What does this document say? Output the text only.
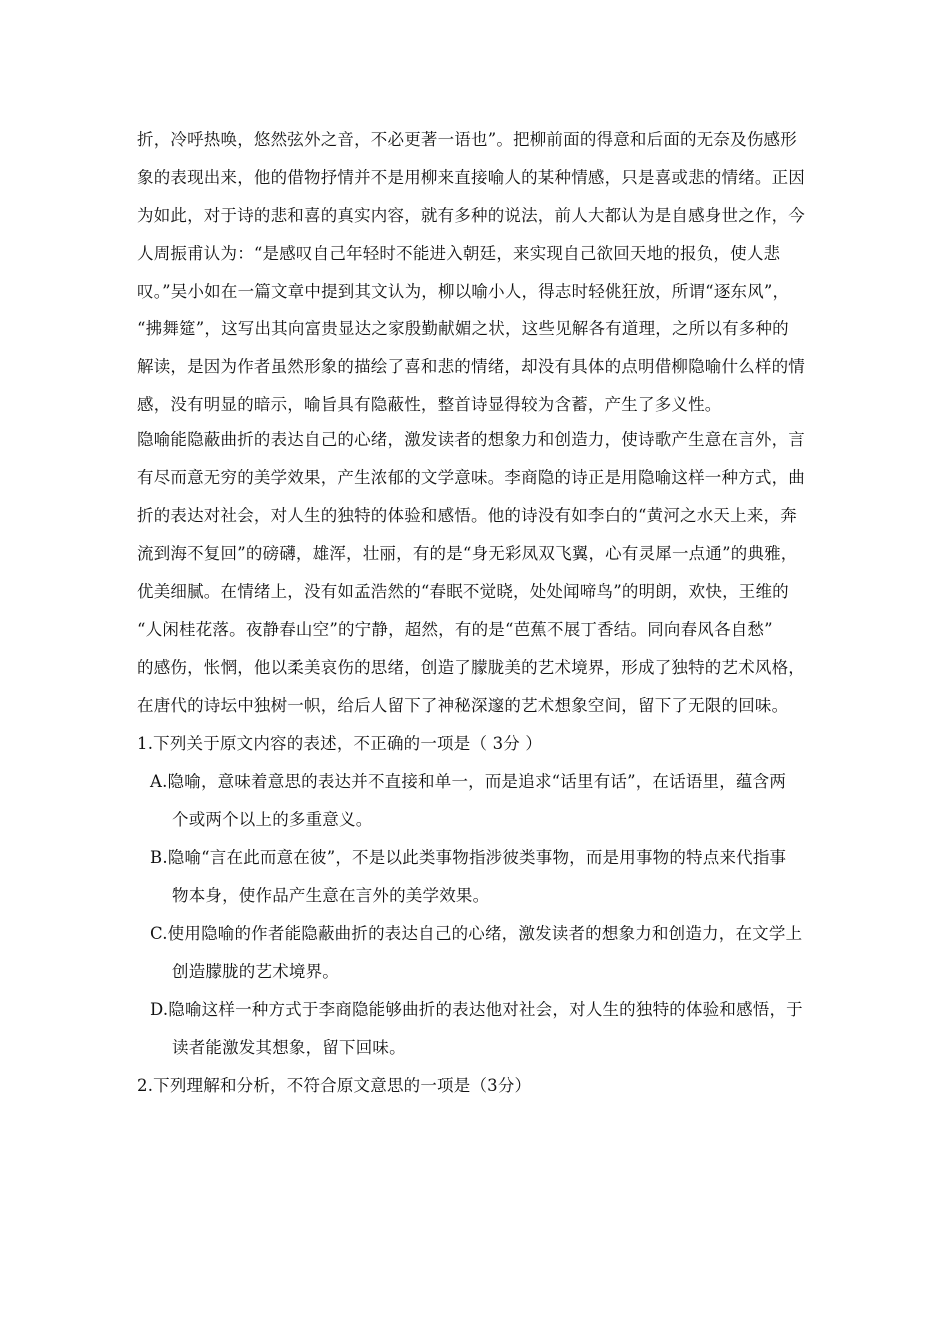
折，冷呼热唤，悠然弦外之音，不必更著一语也”。把柳前面的得意和后面的无奈及伤感形
象的表现出来，他的借物抒情并不是用柳来直接喻人的某种情感，只是喜或悲的情绪。正因
为如此，对于诗的悲和喜的真实内容，就有多种的说法，前人大都认为是自感身世之作，今
人周振甫认为：“是感叹自己年轻时不能进入朝廷，来实现自己欲回天地的报负，使人悲
叹。”吴小如在一篇文章中提到其文认为，柳以喻小人，得志时轻佻狂放，所谓“逐东风”，
“拂舞筵”，这写出其向富贵显达之家殷勤献媚之状，这些见解各有道理，之所以有多种的
解读，是因为作者虽然形象的描绘了喜和悲的情绪，却没有具体的点明借柳隐喻什么样的情
感，没有明显的暗示，喻旨具有隐蔽性，整首诗显得较为含蓄，产生了多义性。
隐喻能隐蔽曲折的表达自己的心绪，激发读者的想象力和创造力，使诗歌产生意在言外，言
有尽而意无穷的美学效果，产生浓郁的文学意味。李商隐的诗正是用隐喻这样一种方式，曲
折的表达对社会，对人生的独特的体验和感悟。他的诗没有如李白的“黄河之水天上来，奔
流到海不复回”的磅礴，雄浑，壮丽，有的是“身无彩凤双飞翼，心有灵犀一点通”的典雅，
优美细腻。在情绪上，没有如孟浩然的“春眠不觉晓，处处闻啼鸟”的明朗，欢快，王维的
“人闲桂花落。夜静春山空”的宁静，超然，有的是“芭蕉不展丁香结。同向春风各自愁”
的感伤，怅惘，他以柔美哀伤的思绪，创造了朦胧美的艺术境界，形成了独特的艺术风格，
在唐代的诗坛中独树一帜，给后人留下了神秘深邃的艺术想象空间，留下了无限的回味。
1.下列关于原文内容的表述，不正确的一项是（ 3分 ）
A.隐喻，意味着意思的表达并不直接和单一，而是追求“话里有话”，在话语里，蕴含两
个或两个以上的多重意义。
B.隐喻“言在此而意在彼”，不是以此类事物指涉彼类事物，而是用事物的特点来代指事
物本身，使作品产生意在言外的美学效果。
C.使用隐喻的作者能隐蔽曲折的表达自己的心绪，激发读者的想象力和创造力，在文学上
创造朦胧的艺术境界。
D.隐喻这样一种方式于李商隐能够曲折的表达他对社会，对人生的独特的体验和感悟，于
读者能激发其想象，留下回味。
2.下列理解和分析，不符合原文意思的一项是（3分）
